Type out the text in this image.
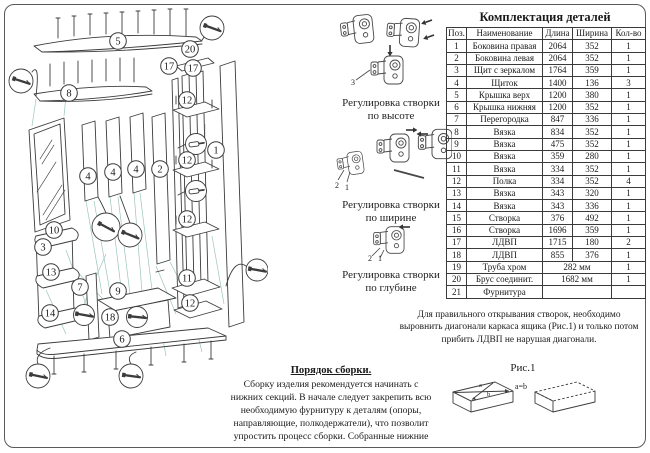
5
20
17 17
8
12
1
12
4 4 4 2
12
10
3
13
7	9
11
12
14	18
6
3
Регулировка створки
по высоте
2 1
Регулировка створки
по ширине
2 1
Регулировка створки
по глубине
Комплектация деталей
Поз.	Наименование	Длина	Ширина	Кол-во
1	Боковина правая	2064	352	1
2	Боковина левая	2064	352	1
3	Щит с зеркалом	1764	359	1
4	Щиток	1400	136	3
5	Крышка верх	1200	380	1
6	Крышка нижняя	1200	352	1
7	Перегородка	847	336	1
8	Вязка	834	352	1
9	Вязка	475	352	1
10	Вязка	359	280	1
11	Вязка	334	352	1
12	Полка	334	352	4
13	Вязка	343	320	1
14	Вязка	343	336	1
15	Створка	376	492	1
16	Створка	1696	359	1
17	ЛДВП	1715	180	2
18	ЛДВП	855	376	1
19	Труба хром	282 мм		1
20	Брус соединит.	1682 мм		1
21	Фурнитура			
Для правильного открывания створок, необходимо
выровнить диагонали каркаса ящика (Рис.1) и только потом
прибить ЛДВП не нарушая диагонали.
Рис.1
a
b
a=b
Порядок сборки.
Сборку изделия рекомендуется начинать с нижних секций. В начале следует закрепить всю необходимую фурнитуру к деталям (опоры, направляющие, полкодержатели), что позволит упростить процесс сборки. Собранные нижние
